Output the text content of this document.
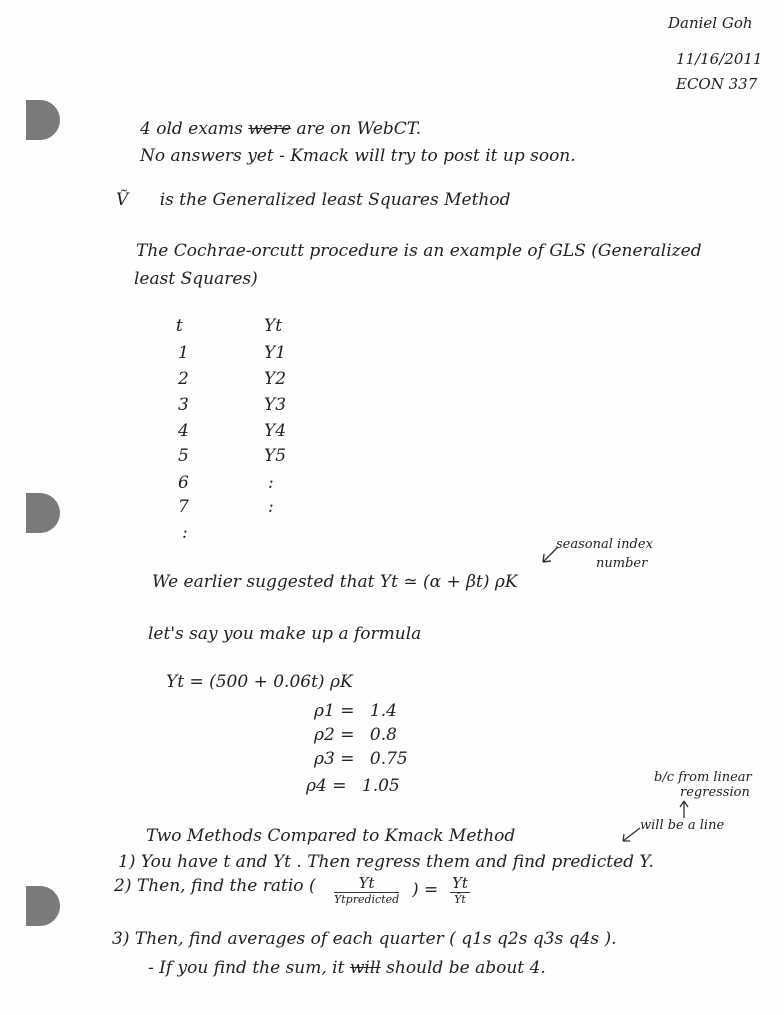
Daniel Goh
11/16/2011
ECON 337
4 old exams were are on WebCT.
No answers yet - Kmack will try to post it up soon.
Ṽ is the Generalized least Squares Method
The Cochrae-orcutt procedure is an example of GLS (Generalized
least Squares)
t	Yt
1	Y1
2	Y2
3	Y3
4	Y4
5	Y5
6	:
7	:
:
seasonal index
number
We earlier suggested that Yt ≃ (α + βt) ρK
let's say you make up a formula
Yt = (500 + 0.06t) ρK
ρ1 = 1.4
ρ2 = 0.8
ρ3 = 0.75
ρ4 = 1.05	b/c from linear
regression
will be a line
Two Methods Compared to Kmack Method
1) You have t and Yt . Then regress them and find predicted Y.
2) Then, find the ratio (	Yt
Ytpredicted ) = Yt
Ŷt
3) Then, find averages of each quarter ( q1s q2s q3s q4s ).
- If you find the sum, it will should be about 4.
